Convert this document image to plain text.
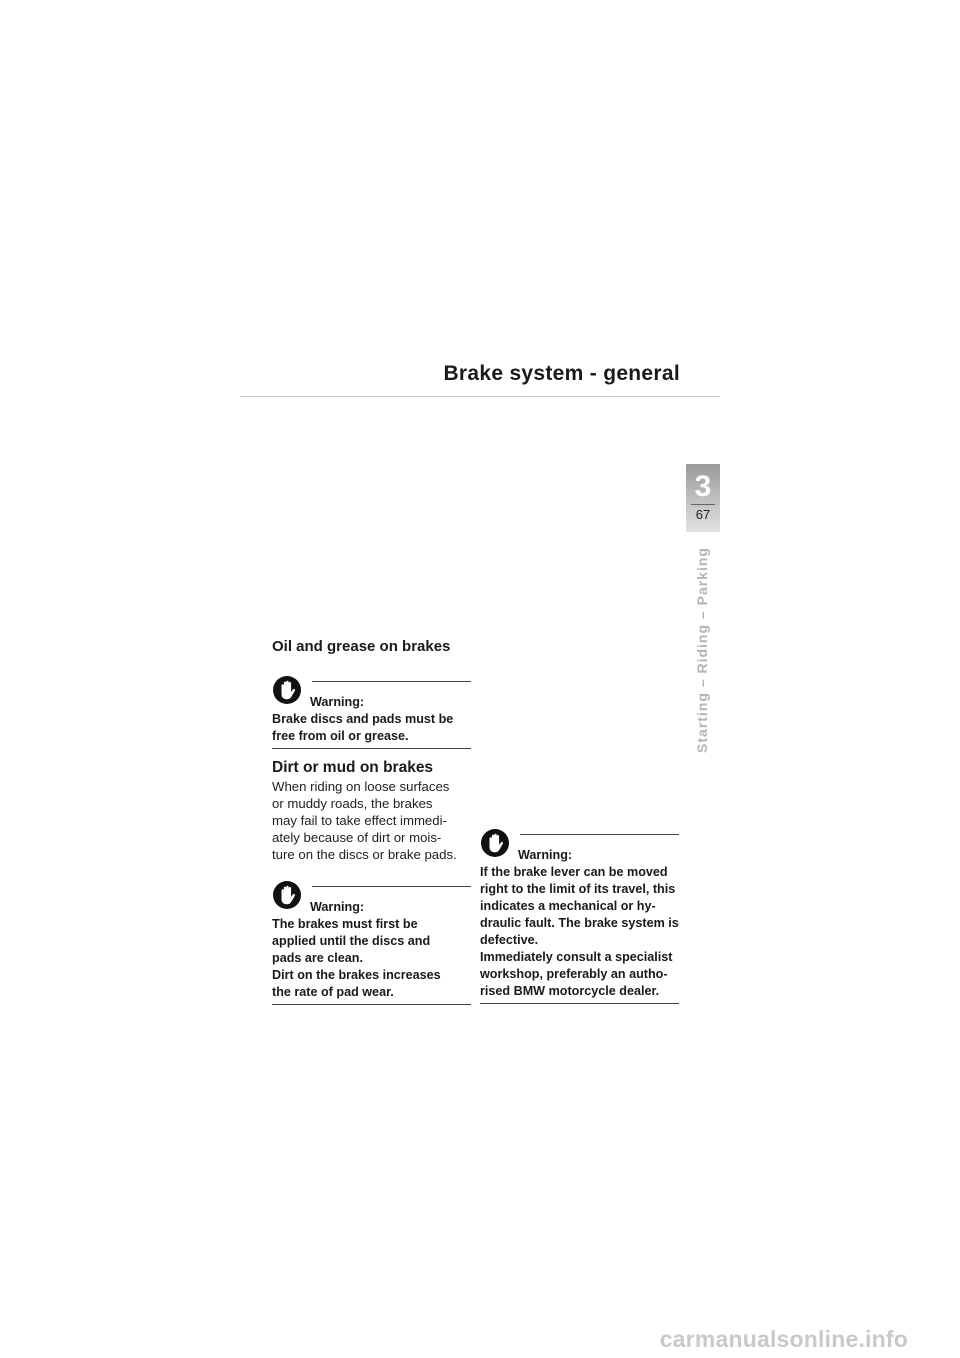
Brake system - general
3
67
Starting – Riding – Parking
Oil and grease on brakes
Warning:
Brake discs and pads must be
free from oil or grease.
Dirt or mud on brakes
When riding on loose surfaces
or muddy roads, the brakes
may fail to take effect immedi-
ately because of dirt or mois-
ture on the discs or brake pads.
Warning:
The brakes must first be
applied until the discs and
pads are clean.
Dirt on the brakes increases
the rate of pad wear.
Warning:
If the brake lever can be moved
right to the limit of its travel, this
indicates a mechanical or hy-
draulic fault. The brake system is
defective.
Immediately consult a specialist
workshop, preferably an autho-
rised BMW motorcycle dealer.
carmanualsonline.info
